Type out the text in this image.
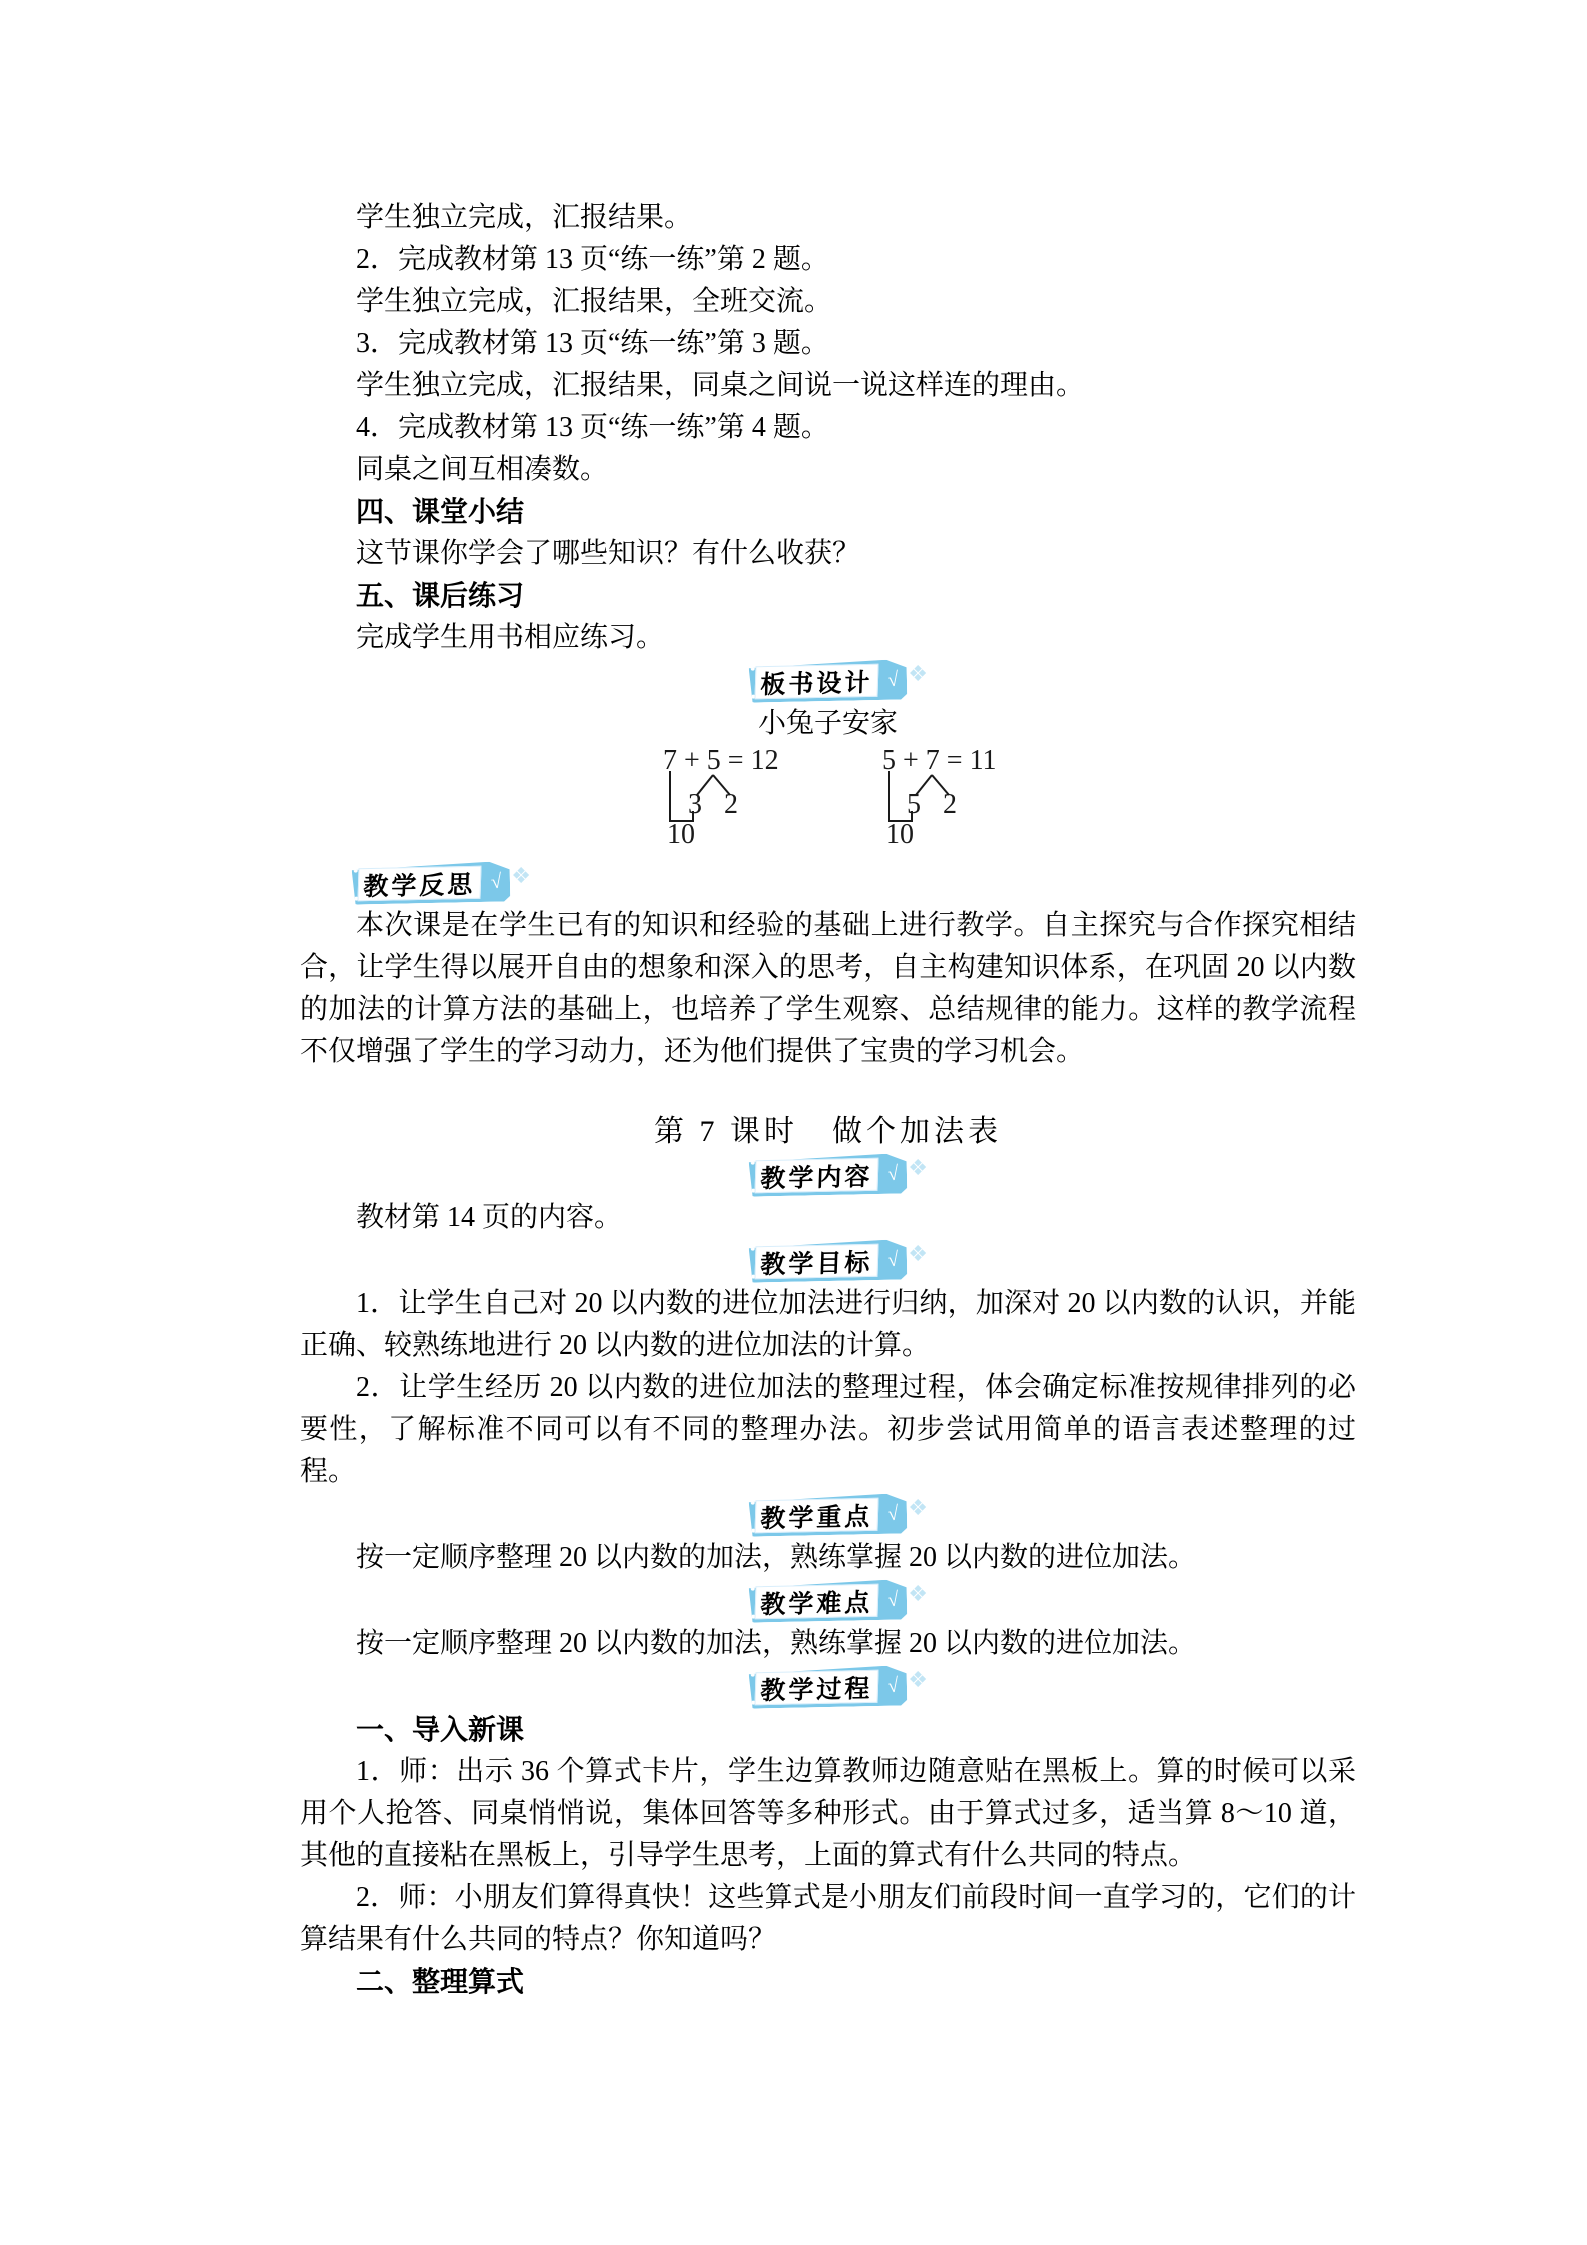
学生独立完成，汇报结果。

2．完成教材第 13 页“练一练”第 2 题。

学生独立完成，汇报结果，全班交流。

3．完成教材第 13 页“练一练”第 3 题。

学生独立完成，汇报结果，同桌之间说一说这样连的理由。

4．完成教材第 13 页“练一练”第 4 题。

同桌之间互相凑数。

四、课堂小结

这节课你学会了哪些知识？有什么收获？

五、课后练习

完成学生用书相应练习。

√ ❖
板书设计

小兔子安家

7 + 5 = 12
3 2
10
5 + 7 = 11
5 2
10
√ ❖
教学反思

本次课是在学生已有的知识和经验的基础上进行教学。自主探究与合作探究相结合，让学生得以展开自由的想象和深入的思考，自主构建知识体系，在巩固 20 以内数的加法的计算方法的基础上，也培养了学生观察、总结规律的能力。这样的教学流程不仅增强了学生的学习动力，还为他们提供了宝贵的学习机会。

第 7 课时　做个加法表

√ ❖
教学内容

教材第 14 页的内容。

√ ❖
教学目标

1．让学生自己对 20 以内数的进位加法进行归纳，加深对 20 以内数的认识，并能正确、较熟练地进行 20 以内数的进位加法的计算。

2．让学生经历 20 以内数的进位加法的整理过程，体会确定标准按规律排列的必要性，了解标准不同可以有不同的整理办法。初步尝试用简单的语言表述整理的过程。

√ ❖
教学重点

按一定顺序整理 20 以内数的加法，熟练掌握 20 以内数的进位加法。

√ ❖
教学难点

按一定顺序整理 20 以内数的加法，熟练掌握 20 以内数的进位加法。

√ ❖
教学过程

一、导入新课

1．师：出示 36 个算式卡片，学生边算教师边随意贴在黑板上。算的时候可以采用个人抢答、同桌悄悄说，集体回答等多种形式。由于算式过多，适当算 8～10 道，其他的直接粘在黑板上，引导学生思考，上面的算式有什么共同的特点。

2．师：小朋友们算得真快！这些算式是小朋友们前段时间一直学习的，它们的计算结果有什么共同的特点？你知道吗？

二、整理算式
